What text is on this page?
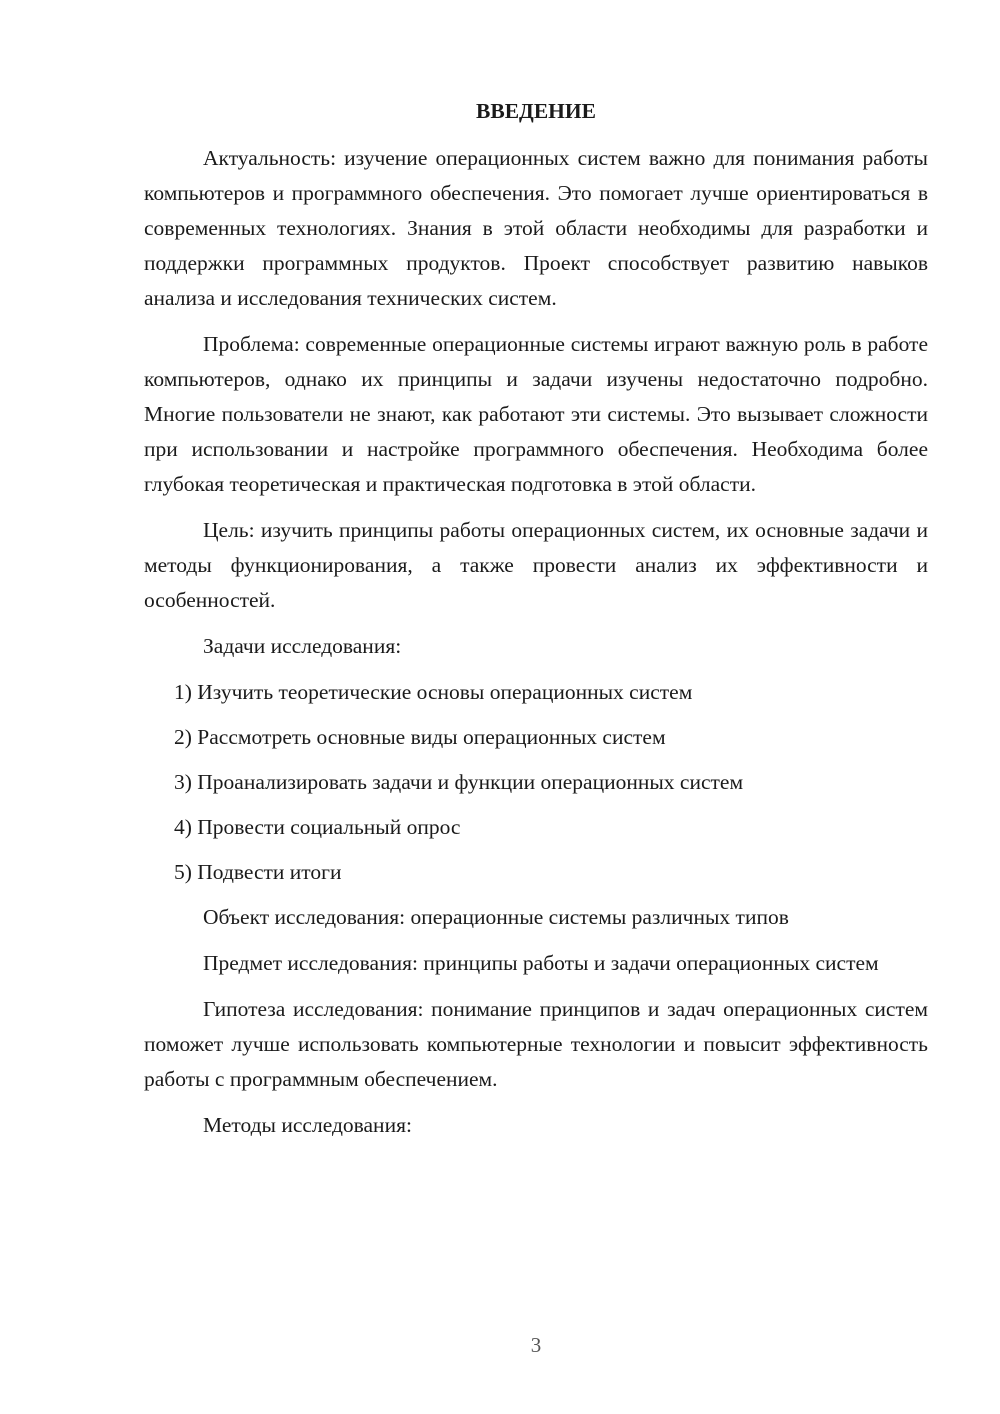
ВВЕДЕНИЕ

Актуальность: изучение операционных систем важно для понимания работы компьютеров и программного обеспечения. Это помогает лучше ориентироваться в современных технологиях. Знания в этой области необходимы для разработки и поддержки программных продуктов. Проект способствует развитию навыков анализа и исследования технических систем.

Проблема: современные операционные системы играют важную роль в работе компьютеров, однако их принципы и задачи изучены недостаточно подробно. Многие пользователи не знают, как работают эти системы. Это вызывает сложности при использовании и настройке программного обеспечения. Необходима более глубокая теоретическая и практическая подготовка в этой области.

Цель: изучить принципы работы операционных систем, их основные задачи и методы функционирования, а также провести анализ их эффективности и особенностей.

Задачи исследования:

1) Изучить теоретические основы операционных систем
2) Рассмотреть основные виды операционных систем
3) Проанализировать задачи и функции операционных систем
4) Провести социальный опрос
5) Подвести итоги

Объект исследования: операционные системы различных типов

Предмет исследования: принципы работы и задачи операционных систем

Гипотеза исследования: понимание принципов и задач операционных систем поможет лучше использовать компьютерные технологии и повысит эффективность работы с программным обеспечением.

Методы исследования:

3
